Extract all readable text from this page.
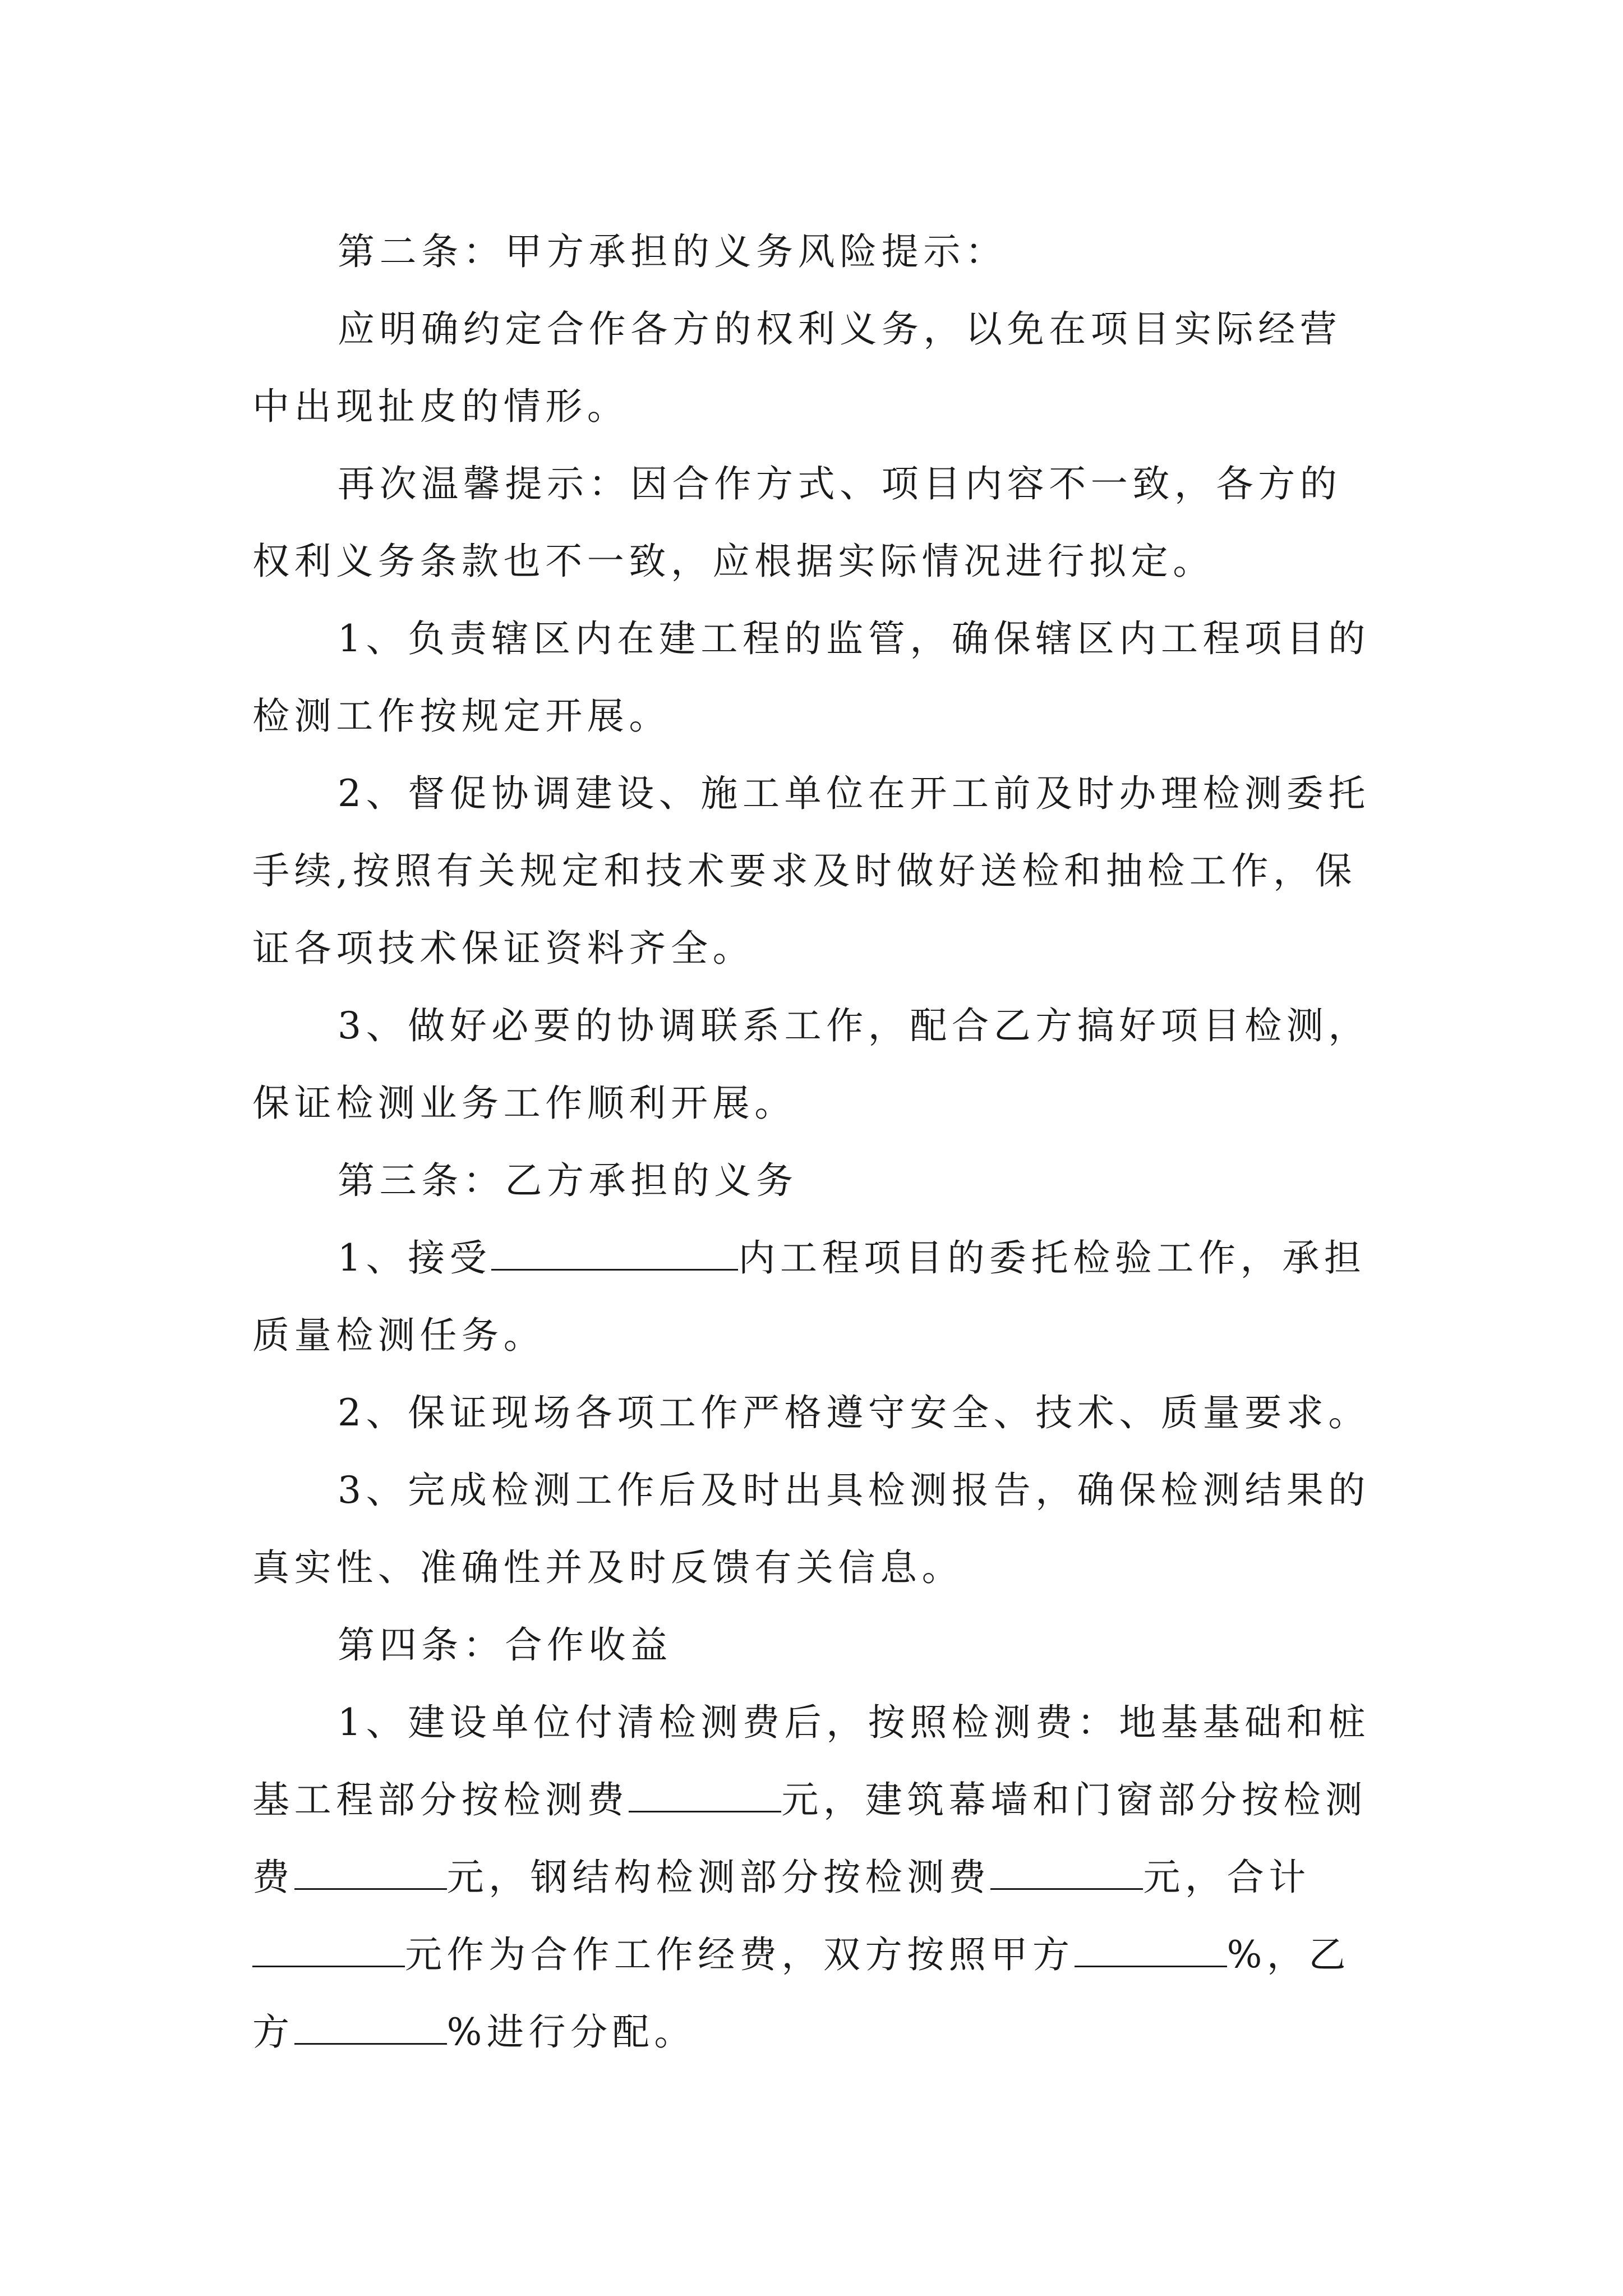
第二条：甲方承担的义务风险提示：

应明确约定合作各方的权利义务，以免在项目实际经营中出现扯皮的情形。

再次温馨提示：因合作方式、项目内容不一致，各方的权利义务条款也不一致，应根据实际情况进行拟定。

1、负责辖区内在建工程的监管，确保辖区内工程项目的检测工作按规定开展。

2、督促协调建设、施工单位在开工前及时办理检测委托手续,按照有关规定和技术要求及时做好送检和抽检工作，保证各项技术保证资料齐全。

3、做好必要的协调联系工作，配合乙方搞好项目检测，保证检测业务工作顺利开展。

第三条：乙方承担的义务

1、接受	内工程项目的委托检验工作，承担质量检测任务。

2、保证现场各项工作严格遵守安全、技术、质量要求。

3、完成检测工作后及时出具检测报告，确保检测结果的真实性、准确性并及时反馈有关信息。

第四条：合作收益

1、建设单位付清检测费后，按照检测费：地基基础和桩基工程部分按检测费	元，建筑幕墙和门窗部分按检测费	元，钢结构检测部分按检测费	元，合计元作为合作工作经费，双方按照甲方	%，乙方	%进行分配。
